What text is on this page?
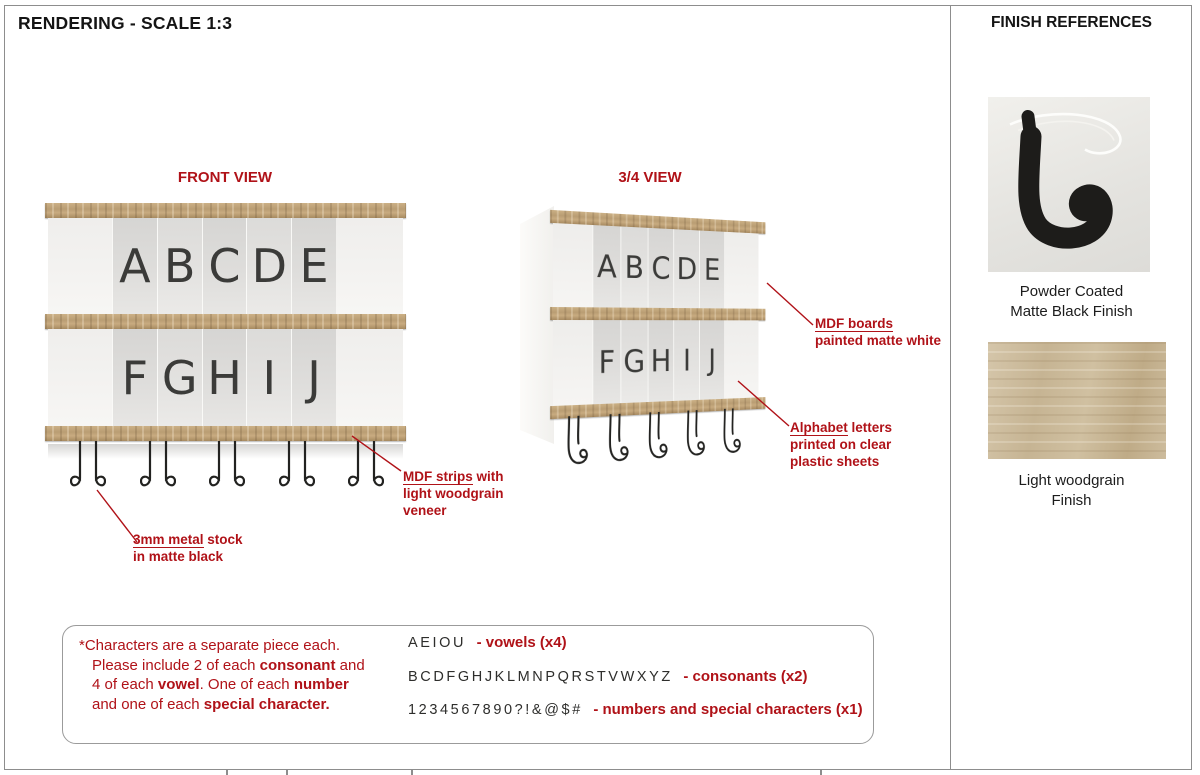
RENDERING - SCALE 1:3	FINISH REFERENCES
FRONT VIEW
A B C D E
F G H I J
3/4 VIEW
A B C D E
F G H I J
MDF strips with
light woodgrain
veneer
3mm metal stock
in matte black
MDF boards
painted matte white
Alphabet letters
printed on clear
plastic sheets
Powder Coated
Matte Black Finish
Light woodgrain
Finish
*Characters are a separate piece each.
Please include 2 of each consonant and
4 of each vowel. One of each number
and one of each special character.
AEIOU - vowels (x4)
BCDFGHJKLMNPQRSTVWXYZ - consonants (x2)
1234567890?!&@$# - numbers and special characters (x1)
